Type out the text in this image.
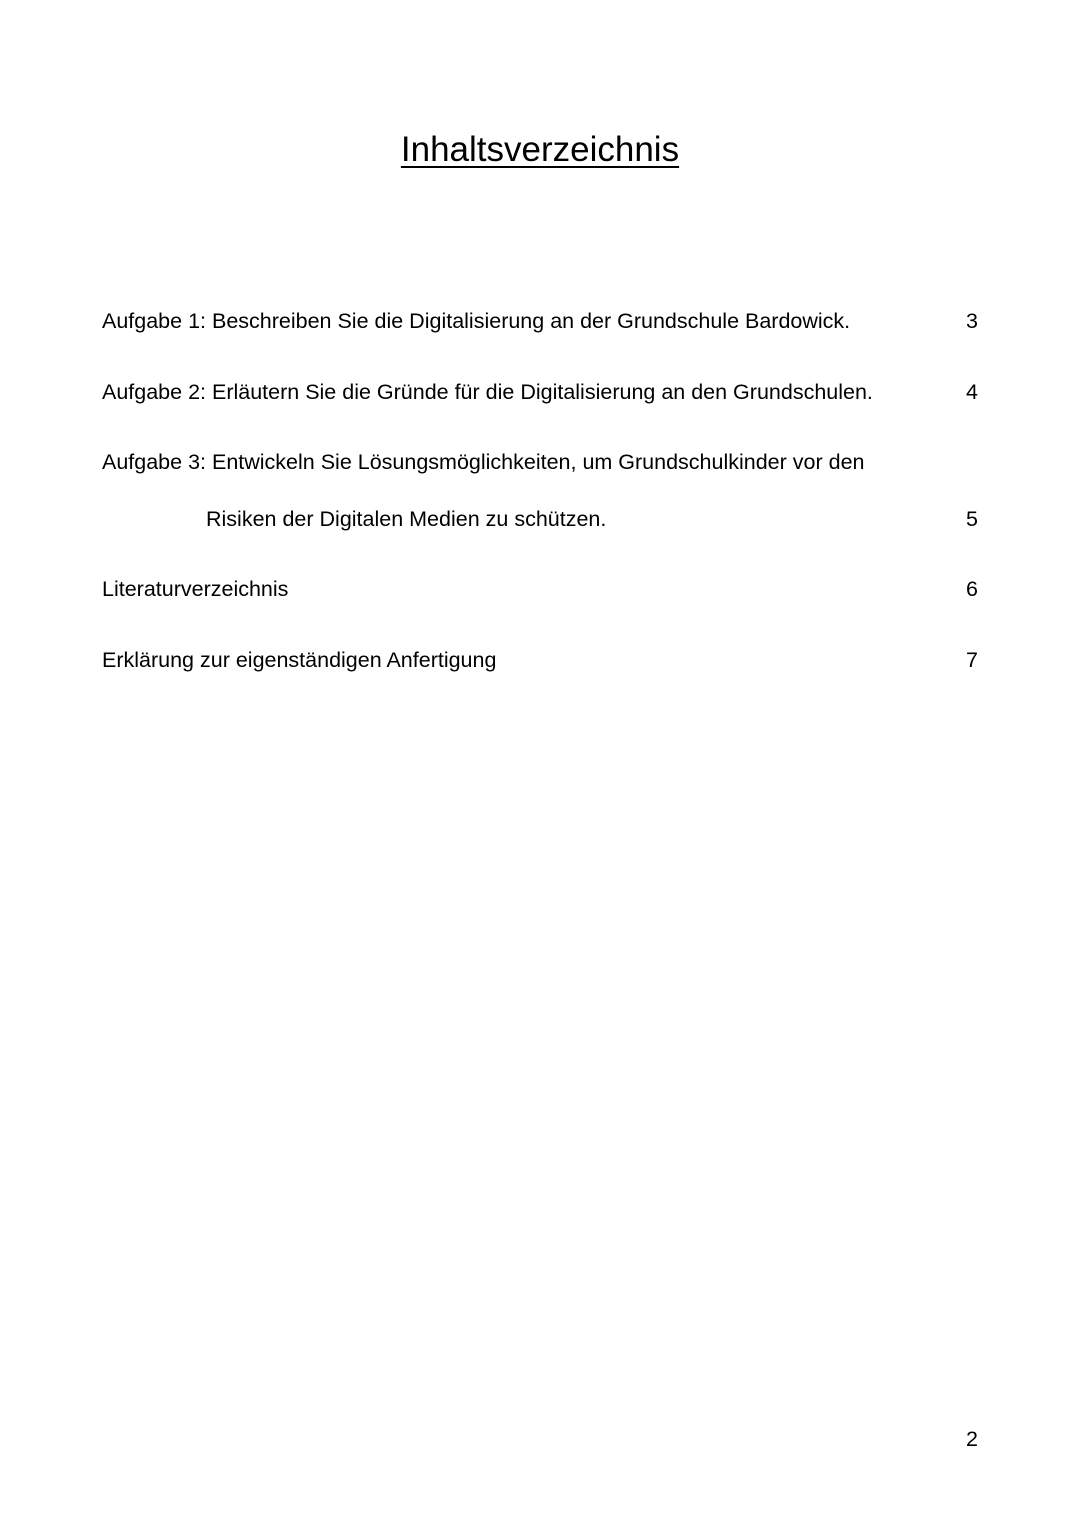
Inhaltsverzeichnis
Aufgabe 1: Beschreiben Sie die Digitalisierung an der Grundschule Bardowick.	3
Aufgabe 2: Erläutern Sie die Gründe für die Digitalisierung an den Grundschulen.	4
Aufgabe 3: Entwickeln Sie Lösungsmöglichkeiten, um Grundschulkinder vor den
Risiken der Digitalen Medien zu schützen.	5
Literaturverzeichnis	6
Erklärung zur eigenständigen Anfertigung	7
2
